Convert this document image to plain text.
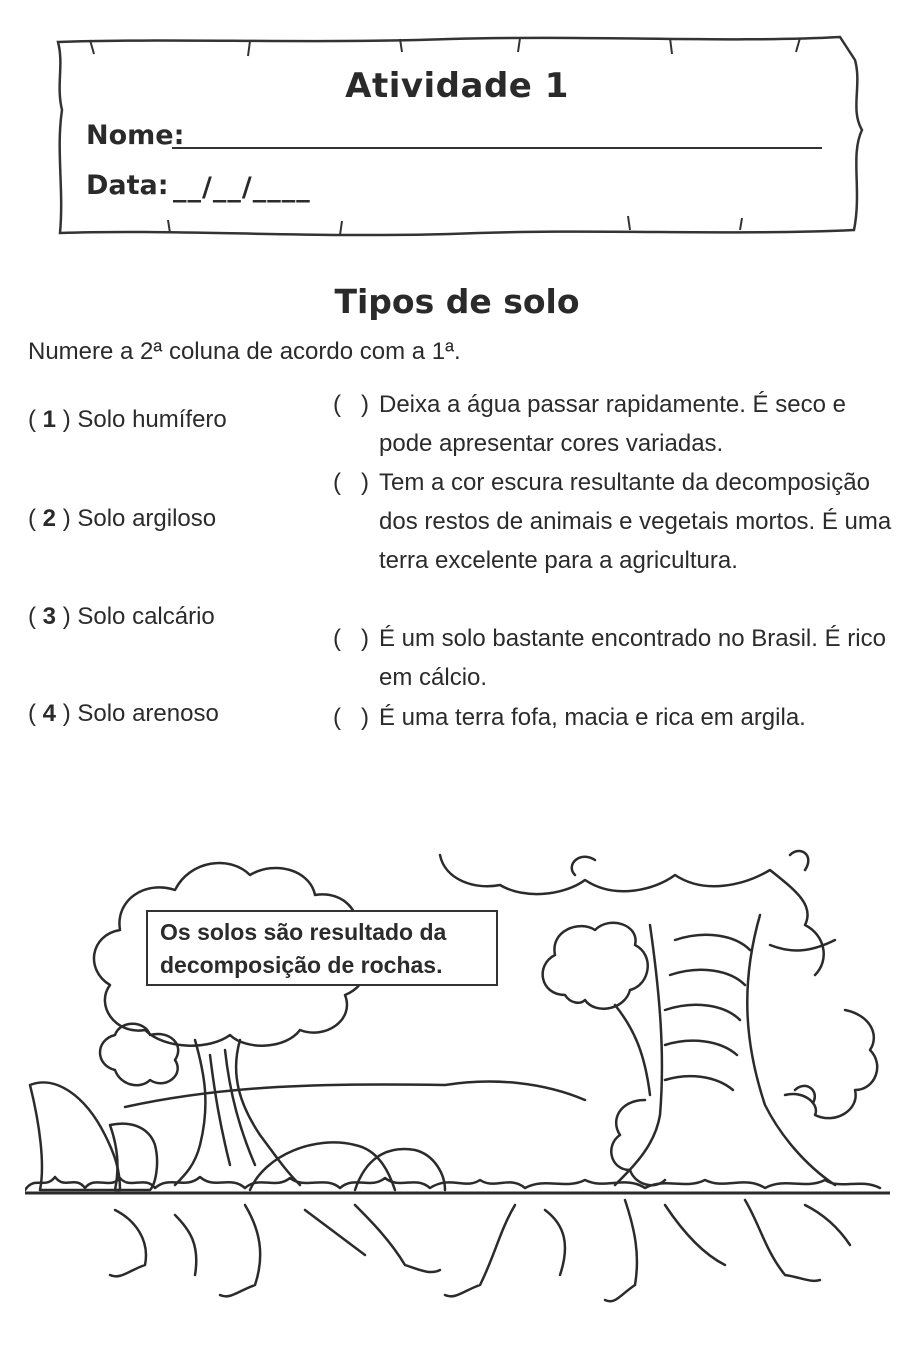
Atividade 1
Nome:
Data: __/__/____
Tipos de solo
Numere a 2ª coluna de acordo com a 1ª.
( 1 ) Solo humífero
( 2 ) Solo argiloso
( 3 ) Solo calcário
( 4 ) Solo arenoso
(   ) Deixa a água passar rapidamente. É seco e pode apresentar cores variadas.
(   ) Tem a cor escura resultante da decomposição dos restos de animais e vegetais mortos. É uma terra excelente para a agricultura.
(   ) É um solo bastante encontrado no Brasil. É rico em cálcio.
(   ) É uma terra fofa, macia e rica em argila.
Os solos são resultado da decomposição de rochas.
